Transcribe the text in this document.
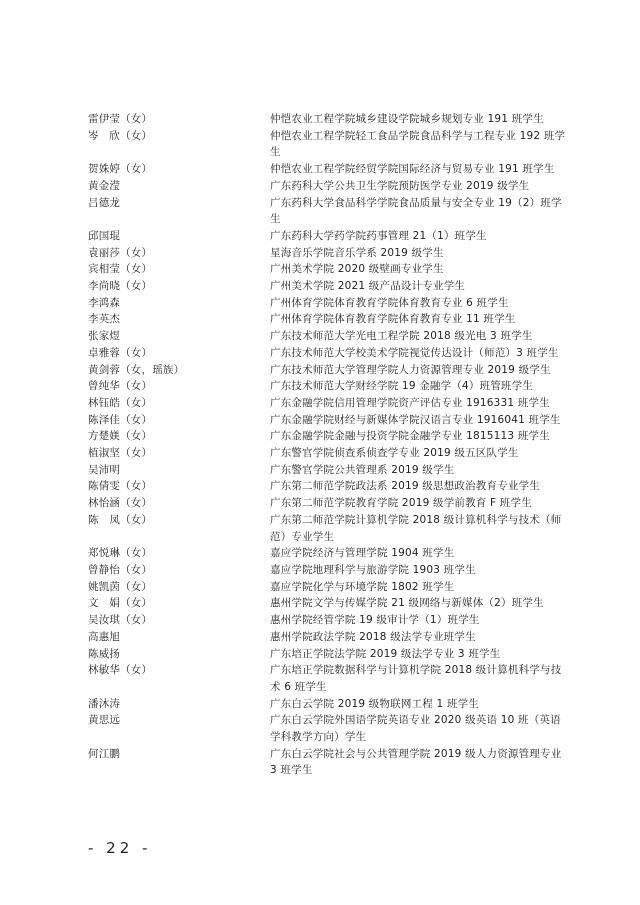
雷伊莹（女）	仲恺农业工程学院城乡建设学院城乡规划专业 191 班学生
岑　欣（女）	仲恺农业工程学院轻工食品学院食品科学与工程专业 192 班学生
贺姝婷（女）	仲恺农业工程学院经贸学院国际经济与贸易专业 191 班学生
黄金滢	广东药科大学公共卫生学院预防医学专业 2019 级学生
吕德龙	广东药科大学食品科学学院食品质量与安全专业 19（2）班学生
邱国琨	广东药科大学药学院药事管理 21（1）班学生
袁丽莎（女）	星海音乐学院音乐学系 2019 级学生
宾相莹（女）	广州美术学院 2020 级壁画专业学生
李尚晓（女）	广州美术学院 2021 级产品设计专业学生
李鸿森	广州体育学院体育教育学院体育教育专业 6 班学生
李英杰	广州体育学院体育教育学院体育教育专业 11 班学生
张家煜	广东技术师范大学光电工程学院 2018 级光电 3 班学生
卓雅蓉（女）	广东技术师范大学校美术学院视觉传达设计（师范）3 班学生
黄剑蓉（女，瑶族）	广东技术师范大学管理学院人力资源管理专业 2019 级学生
曾纯华（女）	广东技术师范大学财经学院 19 金融学（4）班管班学生
林钰皓（女）	广东金融学院信用管理学院资产评估专业 1916331 班学生
陈泽佳（女）	广东金融学院财经与新媒体学院汉语言专业 1916041 班学生
方楚媄（女）	广东金融学院金融与投资学院金融学专业 1815113 班学生
植淑坚（女）	广东警官学院侦查系侦查学专业 2019 级五区队学生
吴沛明	广东警官学院公共管理系 2019 级学生
陈倩雯（女）	广东第二师范学院政法系 2019 级思想政治教育专业学生
林怡涵（女）	广东第二师范学院教育学院 2019 级学前教育 F 班学生
陈　凤（女）	广东第二师范学院计算机学院 2018 级计算机科学与技术（师范）专业学生
郑悦琳（女）	嘉应学院经济与管理学院 1904 班学生
曾静怡（女）	嘉应学院地理科学与旅游学院 1903 班学生
姚凯茵（女）	嘉应学院化学与环境学院 1802 班学生
文　娟（女）	惠州学院文学与传媒学院 21 级网络与新媒体（2）班学生
吴汝琪（女）	惠州学院经管学院 19 级审计学（1）班学生
高惠旭	惠州学院政法学院 2018 级法学专业班学生
陈威扬	广东培正学院法学院 2019 级法学专业 3 班学生
林敏华（女）	广东培正学院数据科学与计算机学院 2018 级计算机科学与技术 6 班学生
潘沐涛	广东白云学院 2019 级物联网工程 1 班学生
黄思远	广东白云学院外国语学院英语专业 2020 级英语 10 班（英语学科教学方向）学生
何江鹏	广东白云学院社会与公共管理学院 2019 级人力资源管理专业 3 班学生
- 22 -
